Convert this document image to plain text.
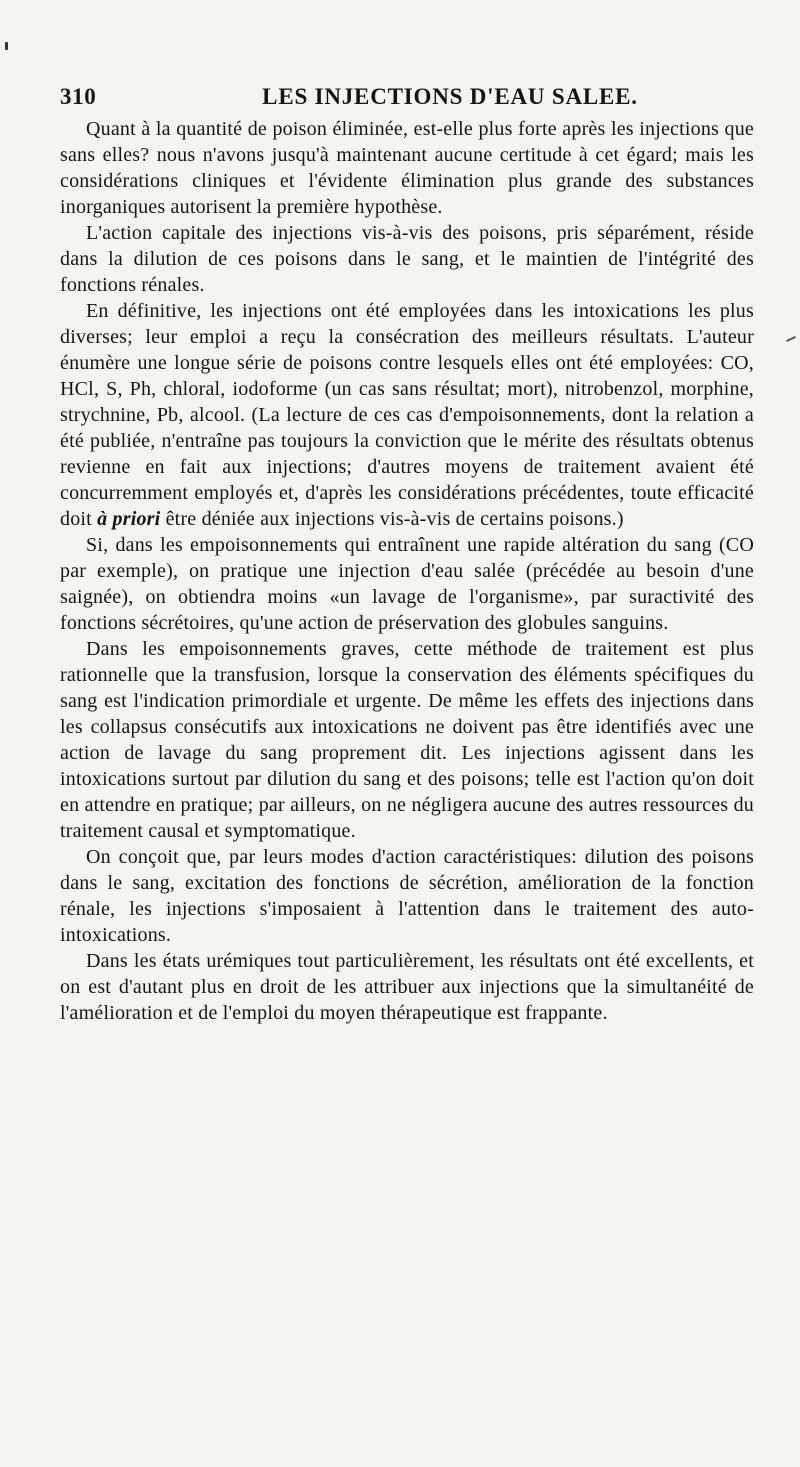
310	LES INJECTIONS D'EAU SALEE.

Quant à la quantité de poison éliminée, est-elle plus forte après les injections que sans elles? nous n'avons jusqu'à maintenant aucune certitude à cet égard; mais les considérations cliniques et l'évidente élimination plus grande des substances inorganiques autorisent la première hypothèse.

L'action capitale des injections vis-à-vis des poisons, pris séparément, réside dans la dilution de ces poisons dans le sang, et le maintien de l'intégrité des fonctions rénales.

En définitive, les injections ont été employées dans les intoxications les plus diverses; leur emploi a reçu la consécration des meilleurs résultats. L'auteur énumère une longue série de poisons contre lesquels elles ont été employées: CO, HCl, S, Ph, chloral, iodoforme (un cas sans résultat; mort), nitrobenzol, morphine, strychnine, Pb, alcool. (La lecture de ces cas d'empoisonnements, dont la relation a été publiée, n'entraîne pas toujours la conviction que le mérite des résultats obtenus revienne en fait aux injections; d'autres moyens de traitement avaient été concurremment employés et, d'après les considérations précédentes, toute efficacité doit à priori être déniée aux injections vis-à-vis de certains poisons.)

Si, dans les empoisonnements qui entraînent une rapide altération du sang (CO par exemple), on pratique une injection d'eau salée (précédée au besoin d'une saignée), on obtiendra moins «un lavage de l'organisme», par suractivité des fonctions sécrétoires, qu'une action de préservation des globules sanguins.

Dans les empoisonnements graves, cette méthode de traitement est plus rationnelle que la transfusion, lorsque la conservation des éléments spécifiques du sang est l'indication primordiale et urgente. De même les effets des injections dans les collapsus consécutifs aux intoxications ne doivent pas être identifiés avec une action de lavage du sang proprement dit. Les injections agissent dans les intoxications surtout par dilution du sang et des poisons; telle est l'action qu'on doit en attendre en pratique; par ailleurs, on ne négligera aucune des autres ressources du traitement causal et symptomatique.

On conçoit que, par leurs modes d'action caractéristiques: dilution des poisons dans le sang, excitation des fonctions de sécrétion, amélioration de la fonction rénale, les injections s'imposaient à l'attention dans le traitement des auto-intoxications.

Dans les états urémiques tout particulièrement, les résultats ont été excellents, et on est d'autant plus en droit de les attribuer aux injections que la simultanéité de l'amélioration et de l'emploi du moyen thérapeutique est frappante.
